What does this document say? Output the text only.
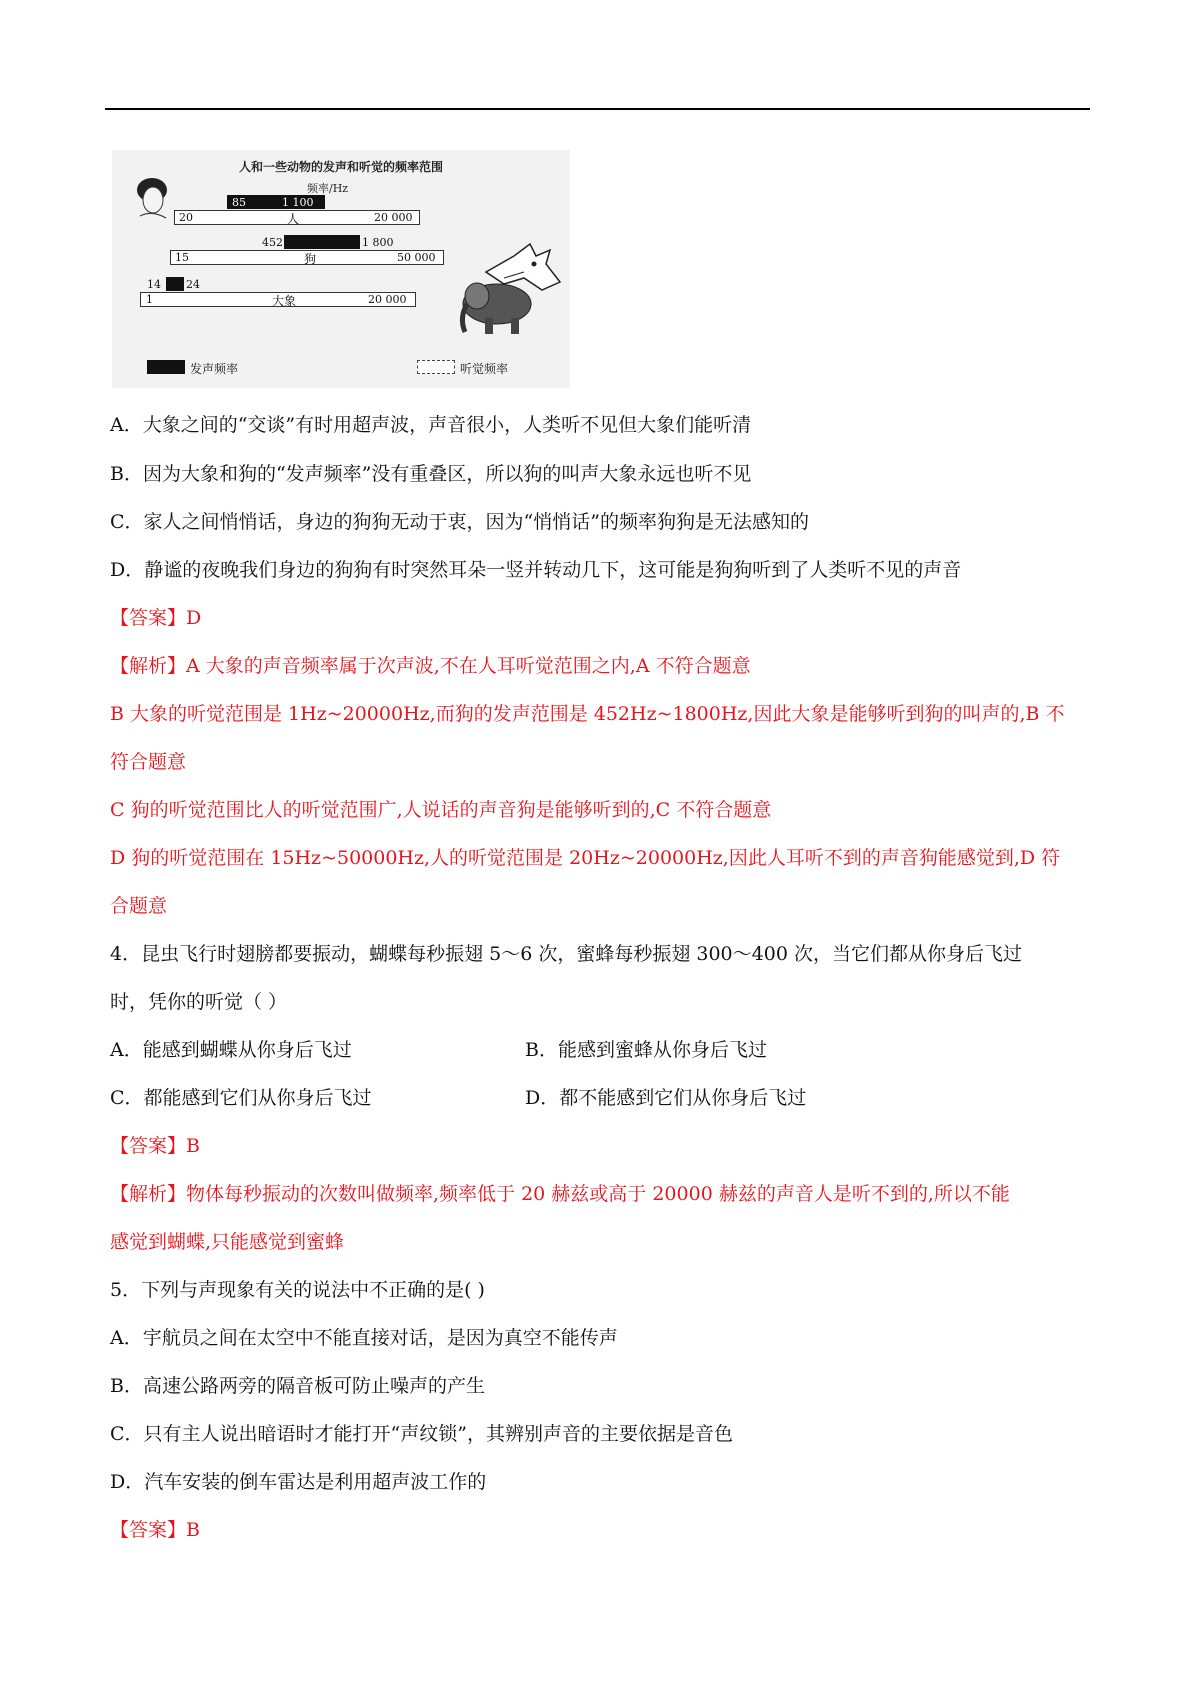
人和一些动物的发声和听觉的频率范围
频率/Hz
85	1 100
20	人	20 000
452	1 800
15	狗	50 000
14 24
1	大象	20 000
发声频率	听觉频率
A．大象之间的“交谈”有时用超声波，声音很小，人类听不见但大象们能听清
B．因为大象和狗的“发声频率”没有重叠区，所以狗的叫声大象永远也听不见
C．家人之间悄悄话，身边的狗狗无动于衷，因为“悄悄话”的频率狗狗是无法感知的
D．静谧的夜晚我们身边的狗狗有时突然耳朵一竖并转动几下，这可能是狗狗听到了人类听不见的声音
【答案】D
【解析】A 大象的声音频率属于次声波,不在人耳听觉范围之内,A 不符合题意
B 大象的听觉范围是 1Hz~20000Hz,而狗的发声范围是 452Hz~1800Hz,因此大象是能够听到狗的叫声的,B 不
符合题意
C 狗的听觉范围比人的听觉范围广,人说话的声音狗是能够听到的,C 不符合题意
D 狗的听觉范围在 15Hz~50000Hz,人的听觉范围是 20Hz~20000Hz,因此人耳听不到的声音狗能感觉到,D 符
合题意
4．昆虫飞行时翅膀都要振动，蝴蝶每秒振翅 5～6 次，蜜蜂每秒振翅 300～400 次，当它们都从你身后飞过
时，凭你的听觉（ ）
A．能感到蝴蝶从你身后飞过	B．能感到蜜蜂从你身后飞过
C．都能感到它们从你身后飞过	D．都不能感到它们从你身后飞过
【答案】B
【解析】物体每秒振动的次数叫做频率,频率低于 20 赫兹或高于 20000 赫兹的声音人是听不到的,所以不能
感觉到蝴蝶,只能感觉到蜜蜂
5．下列与声现象有关的说法中不正确的是( )
A．宇航员之间在太空中不能直接对话，是因为真空不能传声
B．高速公路两旁的隔音板可防止噪声的产生
C．只有主人说出暗语时才能打开“声纹锁”，其辨别声音的主要依据是音色
D．汽车安装的倒车雷达是利用超声波工作的
【答案】B
